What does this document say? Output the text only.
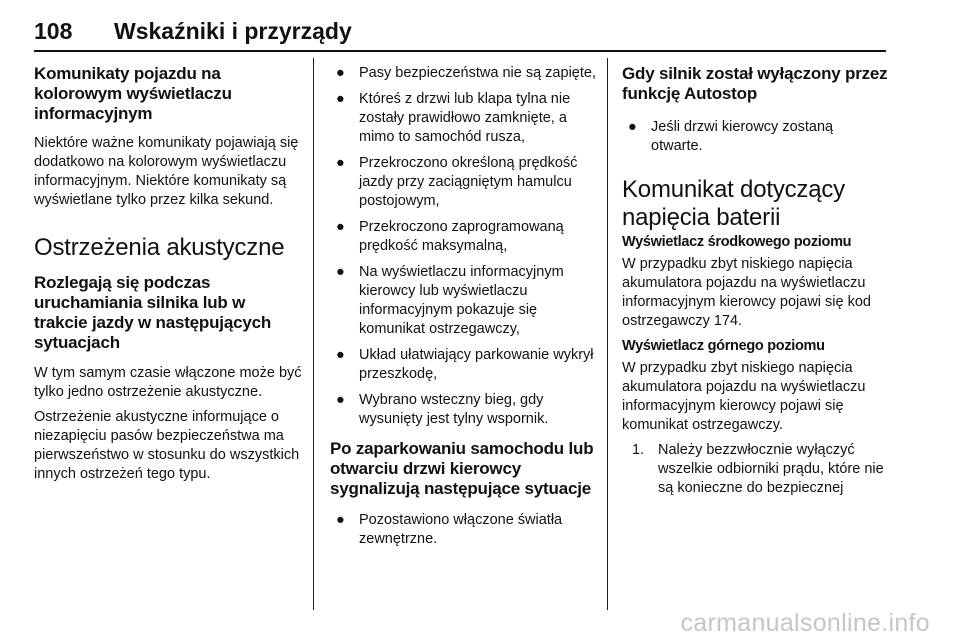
108 Wskaźniki i przyrządy
Komunikaty pojazdu na kolorowym wyświetlaczu informacyjnym

Niektóre ważne komunikaty pojawiają się dodatkowo na kolorowym wyświetlaczu informacyjnym. Niektóre komunikaty są wyświetlane tylko przez kilka sekund.

Ostrzeżenia akustyczne
Rozlegają się podczas uruchamiania silnika lub w trakcie jazdy w następujących sytuacjach

W tym samym czasie włączone może być tylko jedno ostrzeżenie akustyczne.

Ostrzeżenie akustyczne informujące o niezapięciu pasów bezpieczeństwa ma pierwszeństwo w stosunku do wszystkich innych ostrzeżeń tego typu.

● Pasy bezpieczeństwa nie są zapięte,
● Któreś z drzwi lub klapa tylna nie zostały prawidłowo zamknięte, a mimo to samochód rusza,
● Przekroczono określoną prędkość jazdy przy zaciągniętym hamulcu postojowym,
● Przekroczono zaprogramowaną prędkość maksymalną,
● Na wyświetlaczu informacyjnym kierowcy lub wyświetlaczu informacyjnym pokazuje się komunikat ostrzegawczy,
● Układ ułatwiający parkowanie wykrył przeszkodę,
● Wybrano wsteczny bieg, gdy wysunięty jest tylny wspornik.
Po zaparkowaniu samochodu lub otwarciu drzwi kierowcy sygnalizują następujące sytuacje
● Pozostawiono włączone światła zewnętrzne.
Gdy silnik został wyłączony przez funkcję Autostop
● Jeśli drzwi kierowcy zostaną otwarte.
Komunikat dotyczący napięcia baterii
Wyświetlacz środkowego poziomu

W przypadku zbyt niskiego napięcia akumulatora pojazdu na wyświetlaczu informacyjnym kierowcy pojawi się kod ostrzegawczy 174.

Wyświetlacz górnego poziomu

W przypadku zbyt niskiego napięcia akumulatora pojazdu na wyświetlaczu informacyjnym kierowcy pojawi się komunikat ostrzegawczy.

1. Należy bezzwłocznie wyłączyć wszelkie odbiorniki prądu, które nie są konieczne do bezpiecznej
carmanualsonline.info
